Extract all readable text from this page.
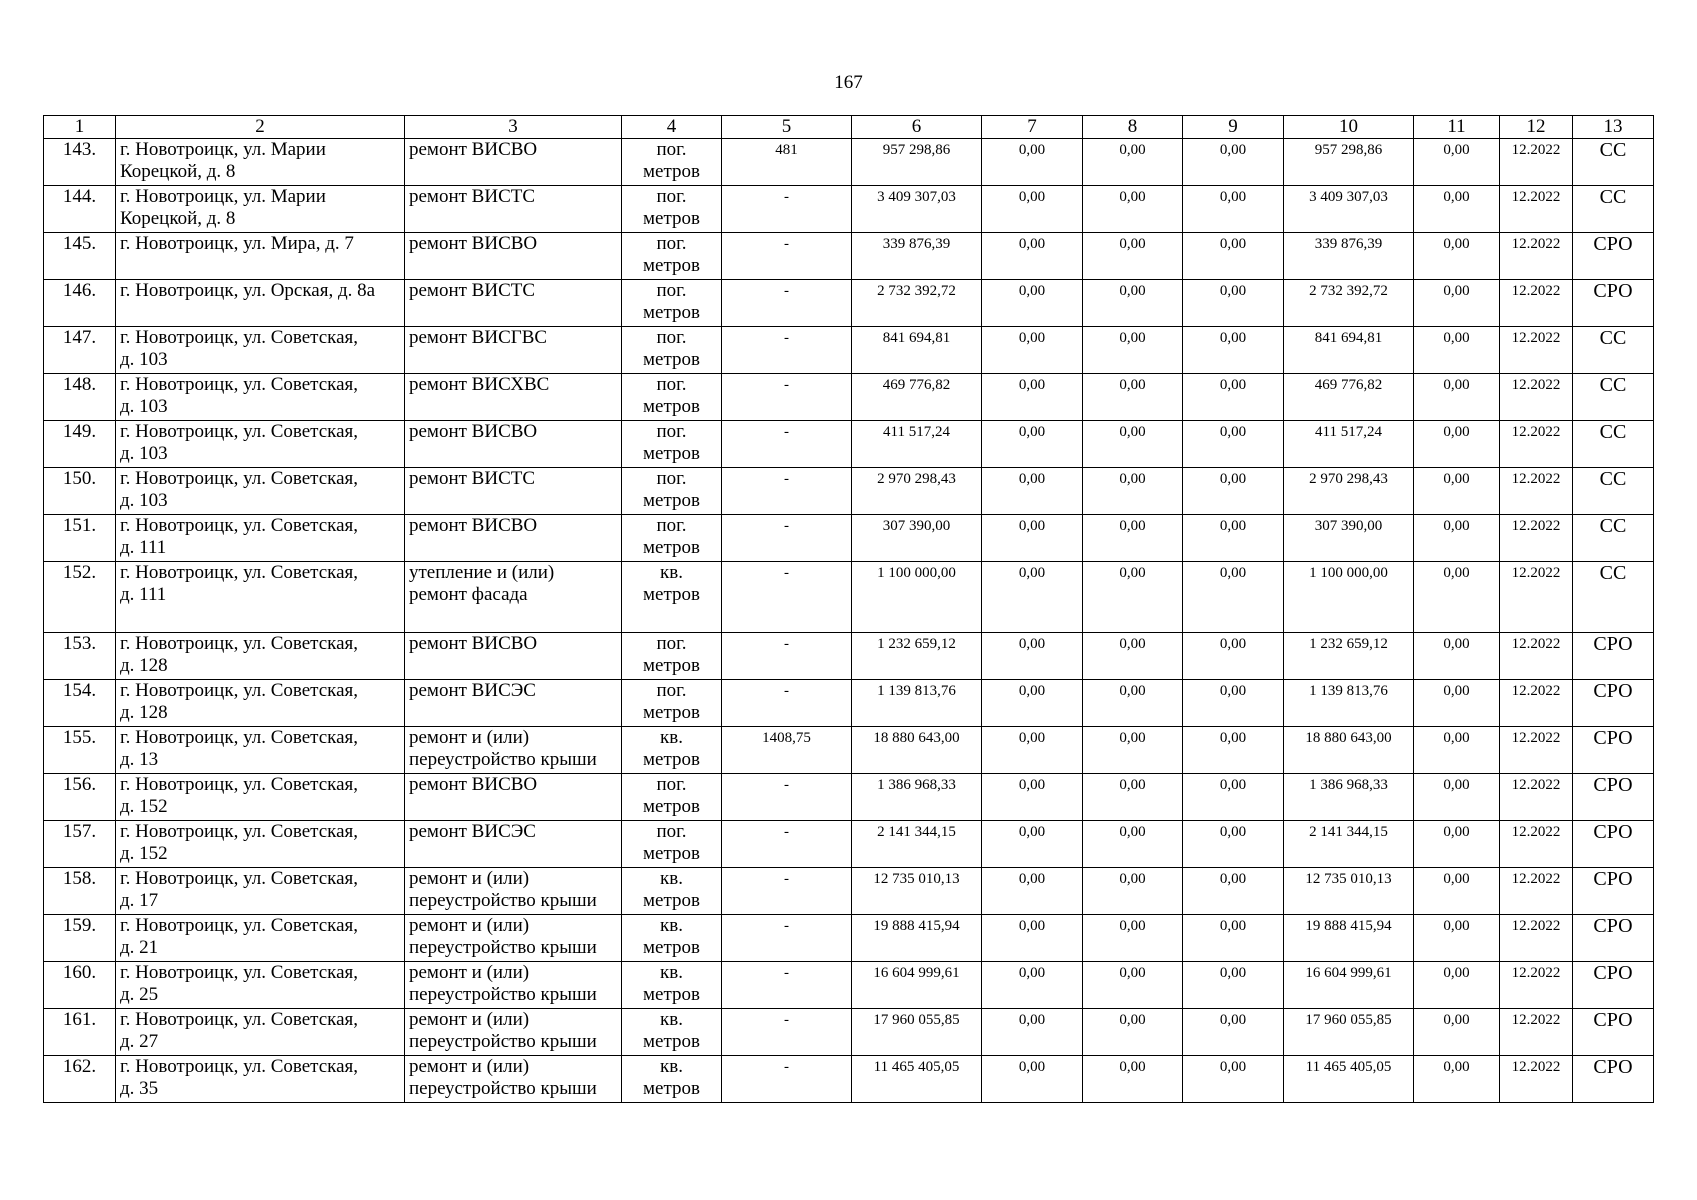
167
1	2	3	4	5	6	7	8	9	10	11	12	13
143.	г. Новотроицк, ул. Марии
Корецкой, д. 8	ремонт ВИСВО	пог.
метров	481	957 298,86	0,00	0,00	0,00	957 298,86	0,00	12.2022	СС
144.	г. Новотроицк, ул. Марии
Корецкой, д. 8	ремонт ВИСТС	пог.
метров	-	3 409 307,03	0,00	0,00	0,00	3 409 307,03	0,00	12.2022	СС
145.	г. Новотроицк, ул. Мира, д. 7	ремонт ВИСВО	пог.
метров	-	339 876,39	0,00	0,00	0,00	339 876,39	0,00	12.2022	СРО
146.	г. Новотроицк, ул. Орская, д. 8а	ремонт ВИСТС	пог.
метров	-	2 732 392,72	0,00	0,00	0,00	2 732 392,72	0,00	12.2022	СРО
147.	г. Новотроицк, ул. Советская,
д. 103	ремонт ВИСГВС	пог.
метров	-	841 694,81	0,00	0,00	0,00	841 694,81	0,00	12.2022	СС
148.	г. Новотроицк, ул. Советская,
д. 103	ремонт ВИСХВС	пог.
метров	-	469 776,82	0,00	0,00	0,00	469 776,82	0,00	12.2022	СС
149.	г. Новотроицк, ул. Советская,
д. 103	ремонт ВИСВО	пог.
метров	-	411 517,24	0,00	0,00	0,00	411 517,24	0,00	12.2022	СС
150.	г. Новотроицк, ул. Советская,
д. 103	ремонт ВИСТС	пог.
метров	-	2 970 298,43	0,00	0,00	0,00	2 970 298,43	0,00	12.2022	СС
151.	г. Новотроицк, ул. Советская,
д. 111	ремонт ВИСВО	пог.
метров	-	307 390,00	0,00	0,00	0,00	307 390,00	0,00	12.2022	СС
152.	г. Новотроицк, ул. Советская,
д. 111	утепление и (или)
ремонт фасада	кв.
метров	-	1 100 000,00	0,00	0,00	0,00	1 100 000,00	0,00	12.2022	СС
153.	г. Новотроицк, ул. Советская,
д. 128	ремонт ВИСВО	пог.
метров	-	1 232 659,12	0,00	0,00	0,00	1 232 659,12	0,00	12.2022	СРО
154.	г. Новотроицк, ул. Советская,
д. 128	ремонт ВИСЭС	пог.
метров	-	1 139 813,76	0,00	0,00	0,00	1 139 813,76	0,00	12.2022	СРО
155.	г. Новотроицк, ул. Советская,
д. 13	ремонт и (или)
переустройство крыши	кв.
метров	1408,75	18 880 643,00	0,00	0,00	0,00	18 880 643,00	0,00	12.2022	СРО
156.	г. Новотроицк, ул. Советская,
д. 152	ремонт ВИСВО	пог.
метров	-	1 386 968,33	0,00	0,00	0,00	1 386 968,33	0,00	12.2022	СРО
157.	г. Новотроицк, ул. Советская,
д. 152	ремонт ВИСЭС	пог.
метров	-	2 141 344,15	0,00	0,00	0,00	2 141 344,15	0,00	12.2022	СРО
158.	г. Новотроицк, ул. Советская,
д. 17	ремонт и (или)
переустройство крыши	кв.
метров	-	12 735 010,13	0,00	0,00	0,00	12 735 010,13	0,00	12.2022	СРО
159.	г. Новотроицк, ул. Советская,
д. 21	ремонт и (или)
переустройство крыши	кв.
метров	-	19 888 415,94	0,00	0,00	0,00	19 888 415,94	0,00	12.2022	СРО
160.	г. Новотроицк, ул. Советская,
д. 25	ремонт и (или)
переустройство крыши	кв.
метров	-	16 604 999,61	0,00	0,00	0,00	16 604 999,61	0,00	12.2022	СРО
161.	г. Новотроицк, ул. Советская,
д. 27	ремонт и (или)
переустройство крыши	кв.
метров	-	17 960 055,85	0,00	0,00	0,00	17 960 055,85	0,00	12.2022	СРО
162.	г. Новотроицк, ул. Советская,
д. 35	ремонт и (или)
переустройство крыши	кв.
метров	-	11 465 405,05	0,00	0,00	0,00	11 465 405,05	0,00	12.2022	СРО
